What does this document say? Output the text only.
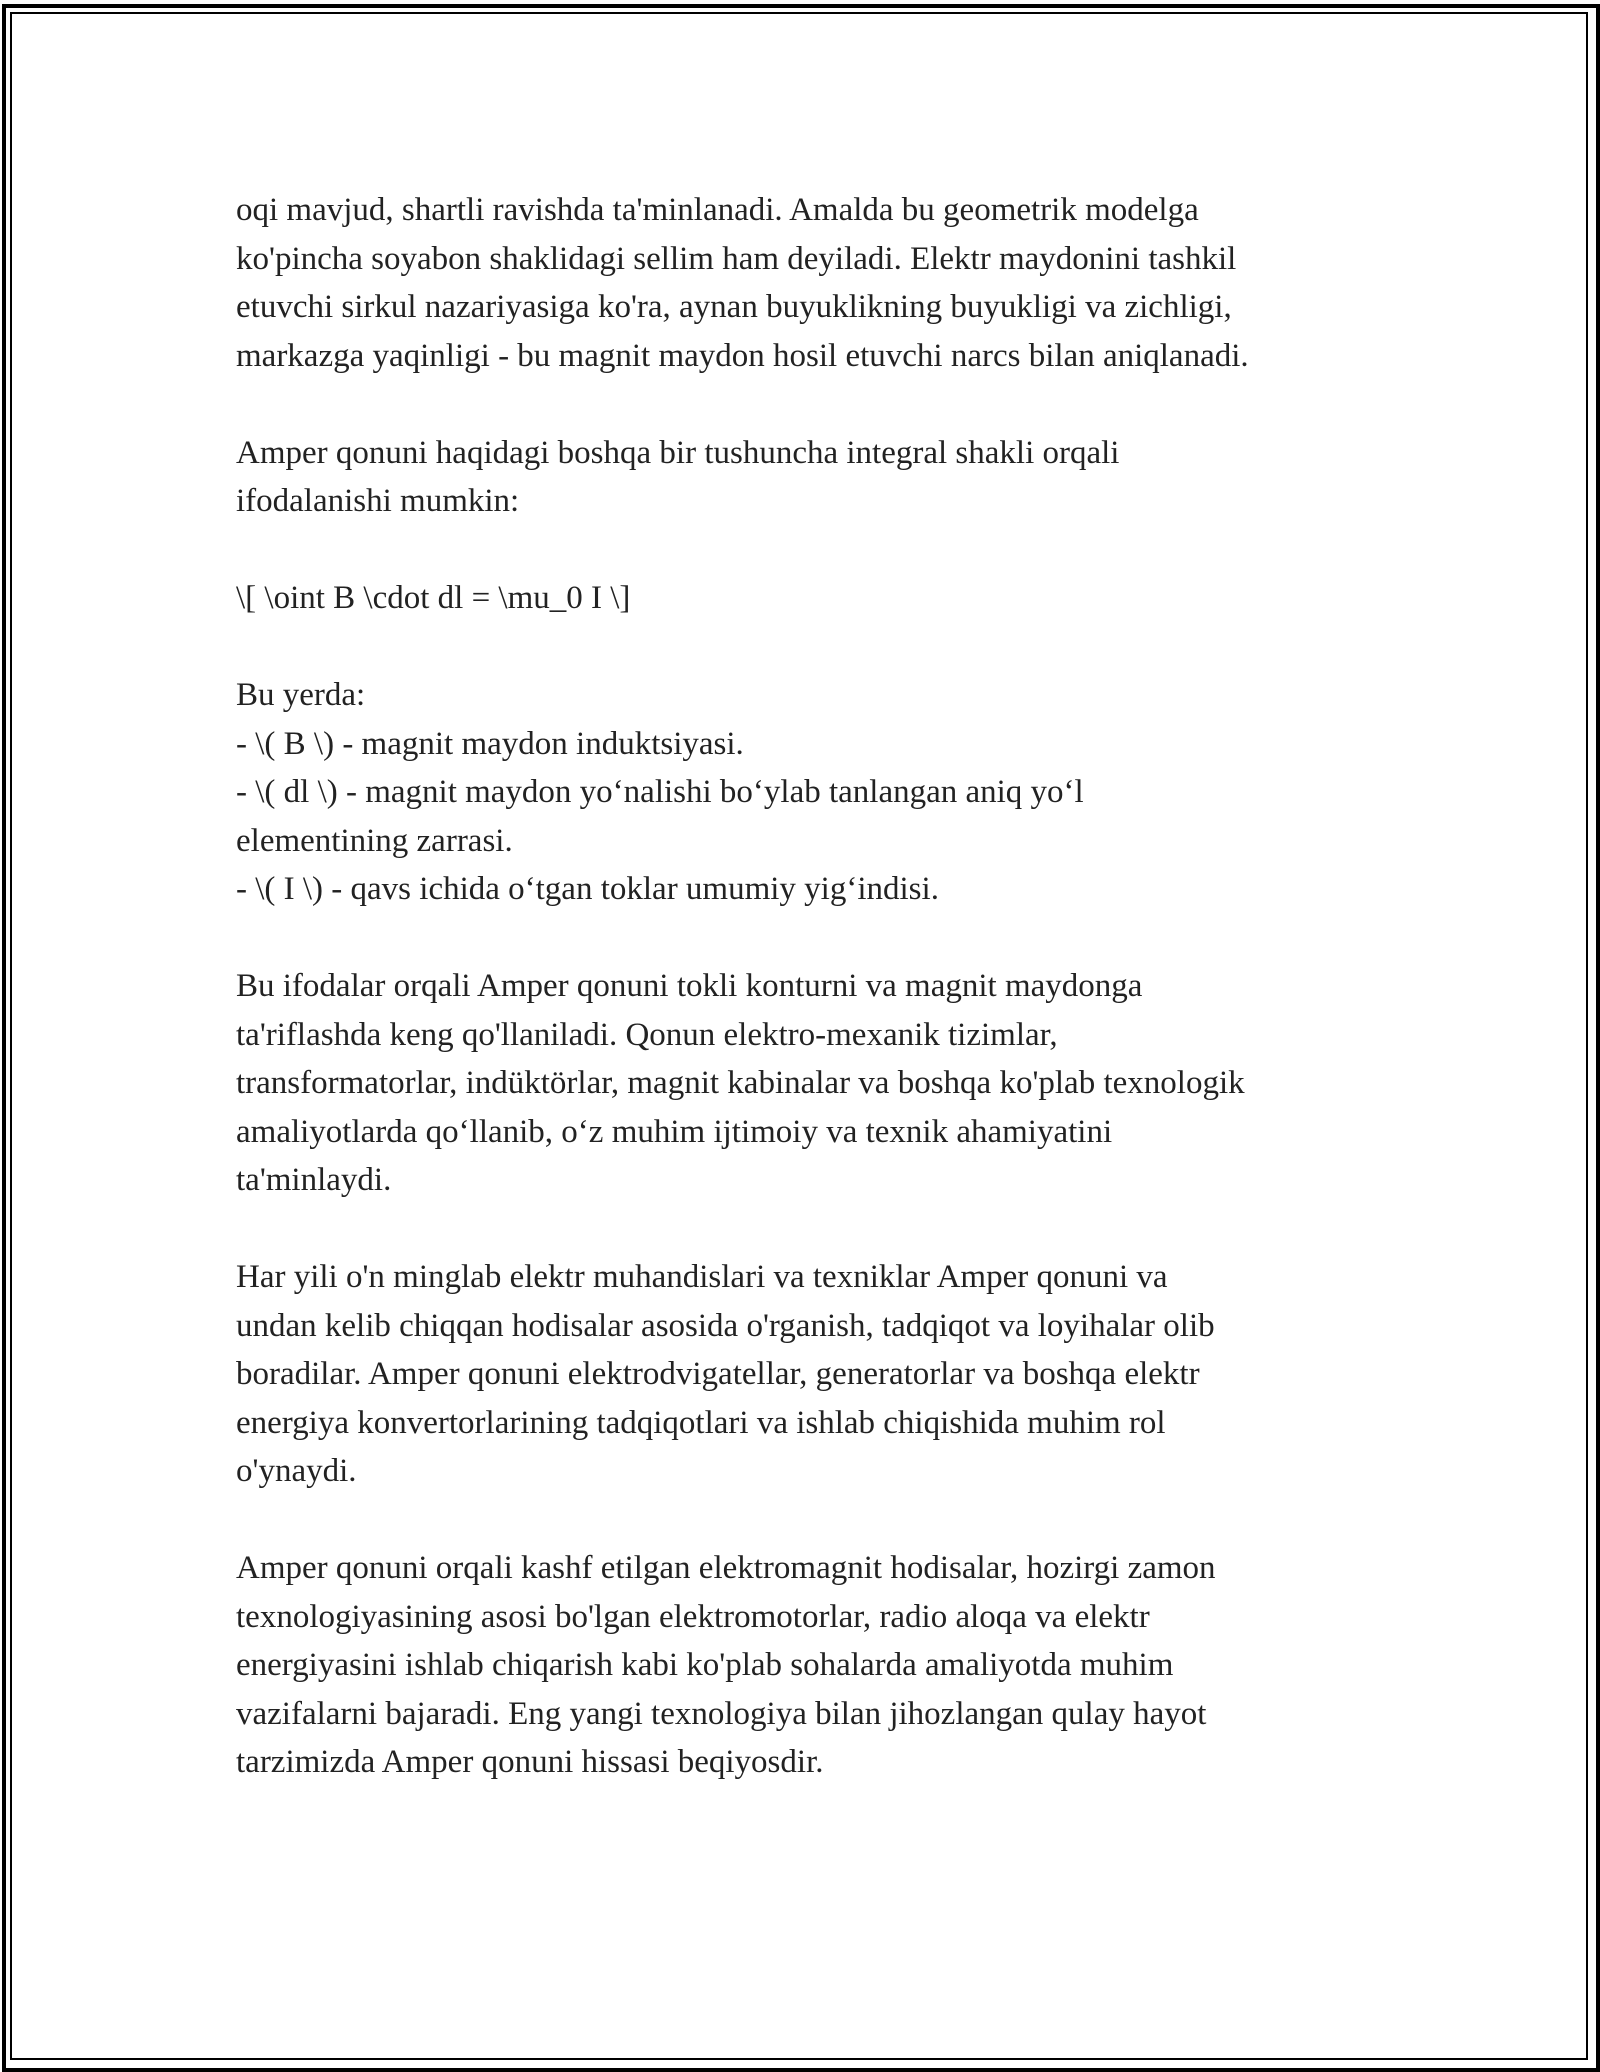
oqi mavjud, shartli ravishda ta'minlanadi. Amalda bu geometrik modelga
ko'pincha soyabon shaklidagi sellim ham deyiladi. Elektr maydonini tashkil
etuvchi sirkul nazariyasiga ko'ra, aynan buyuklikning buyukligi va zichligi,
markazga yaqinligi - bu magnit maydon hosil etuvchi narcs bilan aniqlanadi.

Amper qonuni haqidagi boshqa bir tushuncha integral shakli orqali
ifodalanishi mumkin:

\[ \oint B \cdot dl = \mu_0 I \]

Bu yerda:
- \( B \) - magnit maydon induktsiyasi.
- \( dl \) - magnit maydon yo‘nalishi bo‘ylab tanlangan aniq yo‘l
elementining zarrasi.
- \( I \) - qavs ichida o‘tgan toklar umumiy yig‘indisi.

Bu ifodalar orqali Amper qonuni tokli konturni va magnit maydonga
ta'riflashda keng qo'llaniladi. Qonun elektro-mexanik tizimlar,
transformatorlar, indüktörlar, magnit kabinalar va boshqa ko'plab texnologik
amaliyotlarda qo‘llanib, o‘z muhim ijtimoiy va texnik ahamiyatini
ta'minlaydi.

Har yili o'n minglab elektr muhandislari va texniklar Amper qonuni va
undan kelib chiqqan hodisalar asosida o'rganish, tadqiqot va loyihalar olib
boradilar. Amper qonuni elektrodvigatellar, generatorlar va boshqa elektr
energiya konvertorlarining tadqiqotlari va ishlab chiqishida muhim rol
o'ynaydi.

Amper qonuni orqali kashf etilgan elektromagnit hodisalar, hozirgi zamon
texnologiyasining asosi bo'lgan elektromotorlar, radio aloqa va elektr
energiyasini ishlab chiqarish kabi ko'plab sohalarda amaliyotda muhim
vazifalarni bajaradi. Eng yangi texnologiya bilan jihozlangan qulay hayot
tarzimizda Amper qonuni hissasi beqiyosdir.
